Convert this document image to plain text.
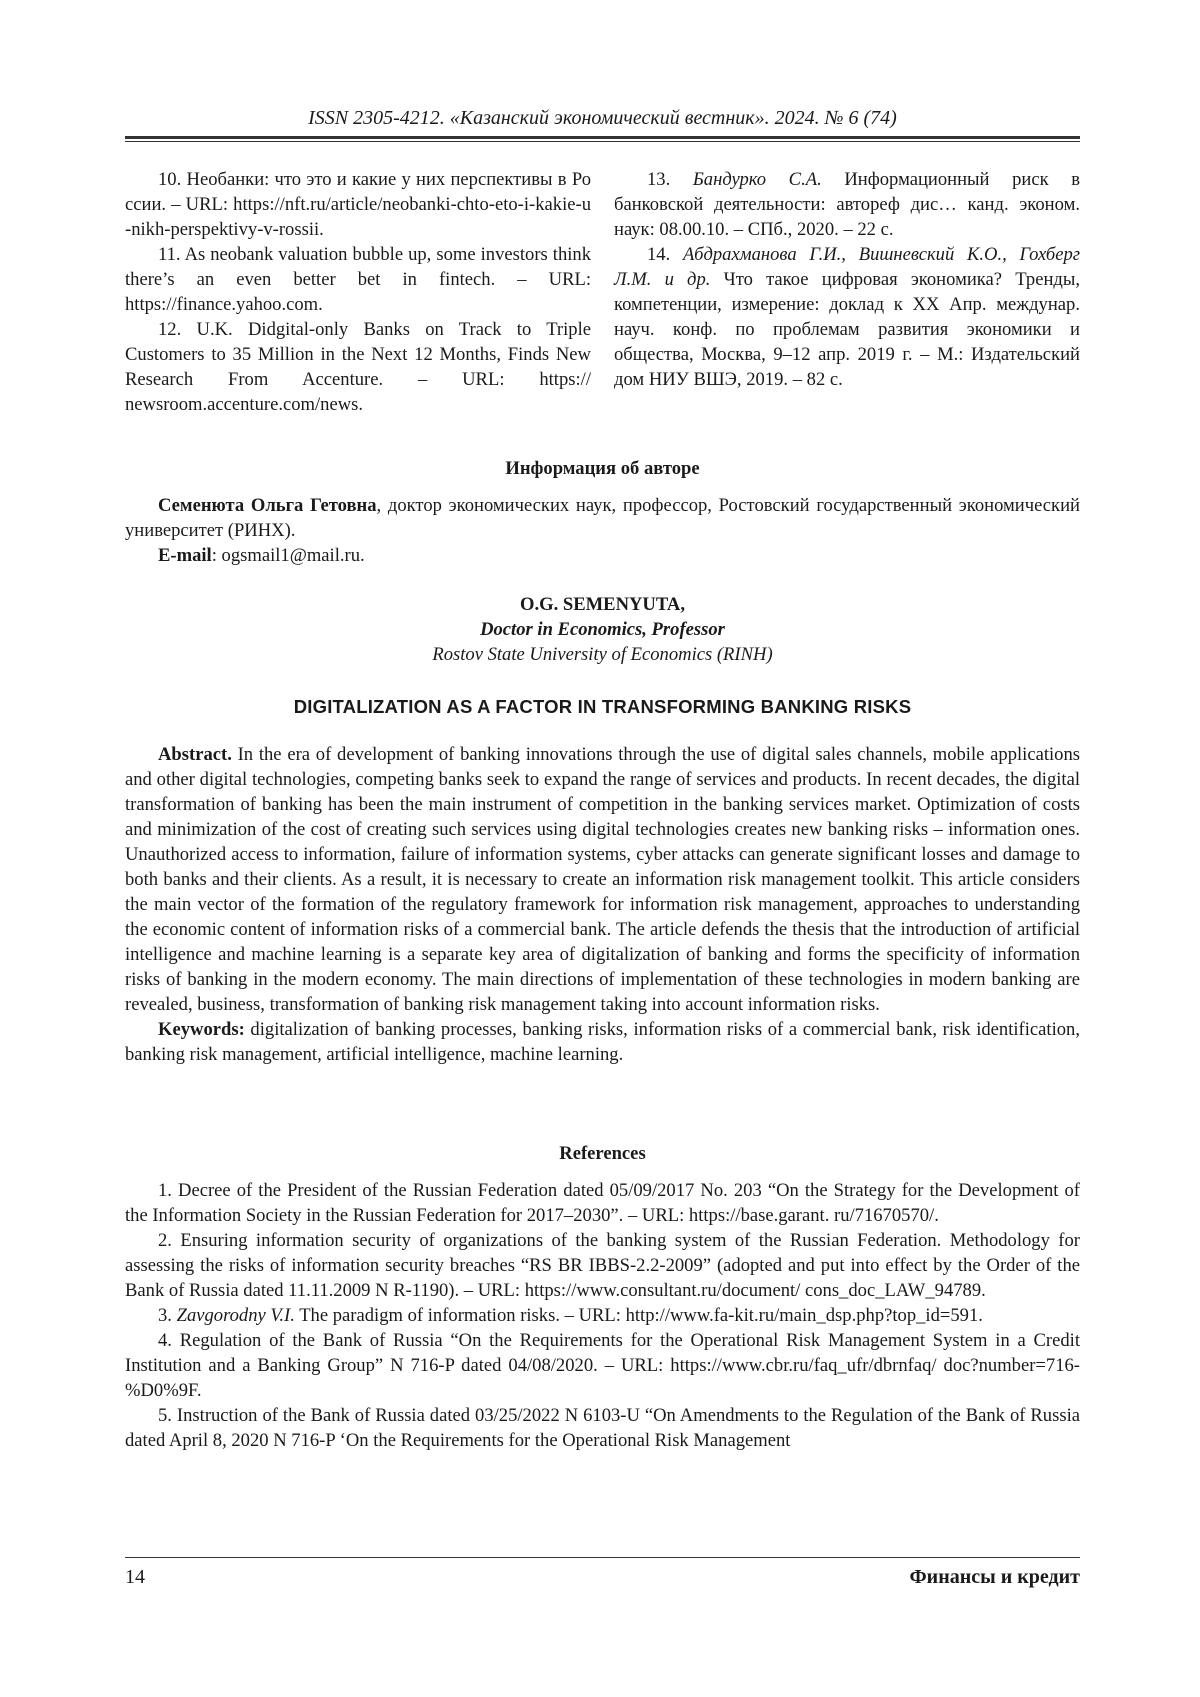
ISSN 2305-4212. «Казанский экономический вестник». 2024. № 6 (74)

10. Необанки: что это и какие у них перспективы в России. – URL: https://nft.ru/article/neobanki-chto-eto-i-kakie-u-nikh-perspektivy-v-rossii.

11. As neobank valuation bubble up, some investors think there’s an even better bet in fintech. – URL: https://finance.yahoo.com.

12. U.K. Didgital-only Banks on Track to Triple Customers to 35 Million in the Next 12 Months, Finds New Research From Accenture. – URL: https:// newsroom.accenture.com/news.

13. Бандурко С.А. Информационный риск в банковской деятельности: автореф дис… канд. эконом. наук: 08.00.10. – СПб., 2020. – 22 с.

14. Абдрахманова Г.И., Вишневский К.О., Гохберг Л.М. и др. Что такое цифровая экономика? Тренды, компетенции, измерение: доклад к XX Апр. междунар. науч. конф. по проблемам развития экономики и общества, Москва, 9–12 апр. 2019 г. – М.: Издательский дом НИУ ВШЭ, 2019. – 82 с.

Информация об авторе

Семенюта Ольга Гетовна, доктор экономических наук, профессор, Ростовский государственный экономический университет (РИНХ).

E-mail: ogsmail1@mail.ru.

O.G. SEMENYUTA,
Doctor in Economics, Professor
Rostov State University of Economics (RINH)
DIGITALIZATION AS A FACTOR IN TRANSFORMING BANKING RISKS

Abstract. In the era of development of banking innovations through the use of digital sales channels, mobile applications and other digital technologies, competing banks seek to expand the range of services and products. In recent decades, the digital transformation of banking has been the main instrument of competition in the banking services market. Optimization of costs and minimization of the cost of creating such services using digital technologies creates new banking risks – information ones. Unauthorized access to information, failure of information systems, cyber attacks can generate significant losses and damage to both banks and their clients. As a result, it is necessary to create an information risk management toolkit. This article considers the main vector of the formation of the regulatory framework for information risk management, approaches to understanding the economic content of information risks of a commercial bank. The article defends the thesis that the introduction of artificial intelligence and machine learning is a separate key area of digitalization of banking and forms the specificity of information risks of banking in the modern economy. The main directions of implementation of these technologies in modern banking are revealed, business, transformation of banking risk management taking into account information risks.

Keywords: digitalization of banking processes, banking risks, information risks of a commercial bank, risk identification, banking risk management, artificial intelligence, machine learning.

References

1. Decree of the President of the Russian Federation dated 05/09/2017 No. 203 “On the Strategy for the Development of the Information Society in the Russian Federation for 2017–2030”. – URL: https://base.garant. ru/71670570/.

2. Ensuring information security of organizations of the banking system of the Russian Federation. Methodology for assessing the risks of information security breaches “RS BR IBBS-2.2-2009” (adopted and put into effect by the Order of the Bank of Russia dated 11.11.2009 N R-1190). – URL: https://www.consultant.ru/document/ cons_doc_LAW_94789.

3. Zavgorodny V.I. The paradigm of information risks. – URL: http://www.fa-kit.ru/main_dsp.php?top_id=591.

4. Regulation of the Bank of Russia “On the Requirements for the Operational Risk Management System in a Credit Institution and a Banking Group” N 716-P dated 04/08/2020. – URL: https://www.cbr.ru/faq_ufr/dbrnfaq/ doc?number=716-%D0%9F.

5. Instruction of the Bank of Russia dated 03/25/2022 N 6103-U “On Amendments to the Regulation of the Bank of Russia dated April 8, 2020 N 716-P ‘On the Requirements for the Operational Risk Management

14	Финансы и кредит
